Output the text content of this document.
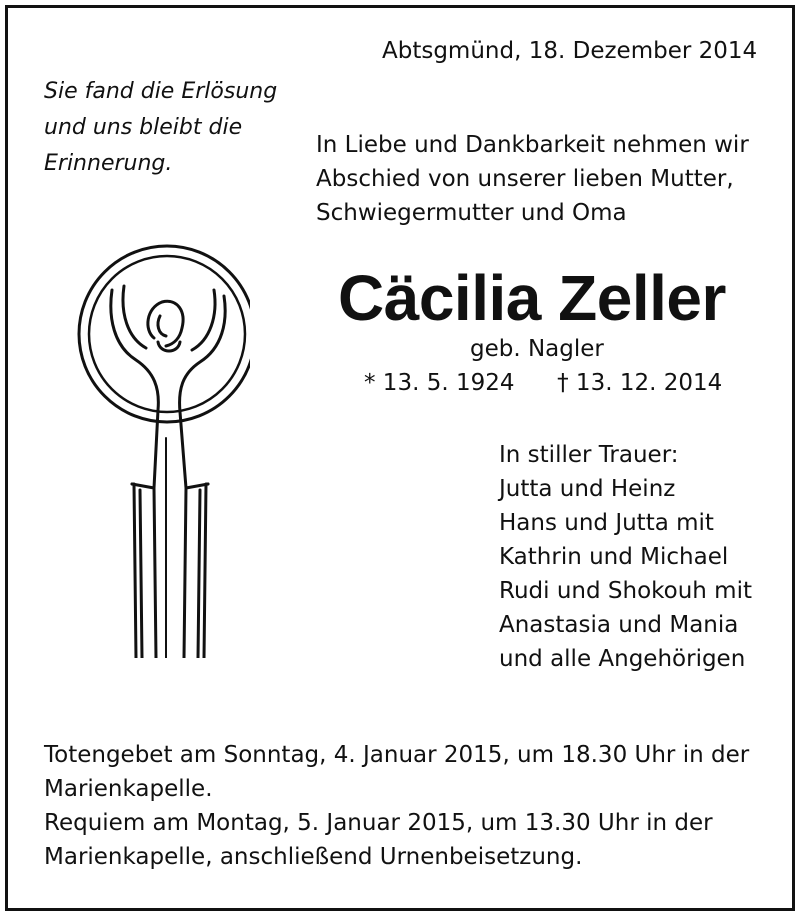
Abtsgmünd, 18. Dezember 2014
Sie fand die Erlösung
und uns bleibt die
Erinnerung.
In Liebe und Dankbarkeit nehmen wir
Abschied von unserer lieben Mutter,
Schwiegermutter und Oma
Cäcilia Zeller
geb. Nagler
* 13. 5. 1924 † 13. 12. 2014
In stiller Trauer:
Jutta und Heinz
Hans und Jutta mit
Kathrin und Michael
Rudi und Shokouh mit
Anastasia und Mania
und alle Angehörigen
Totengebet am Sonntag, 4. Januar 2015, um 18.30 Uhr in der
Marienkapelle.
Requiem am Montag, 5. Januar 2015, um 13.30 Uhr in der
Marienkapelle, anschließend Urnenbeisetzung.
